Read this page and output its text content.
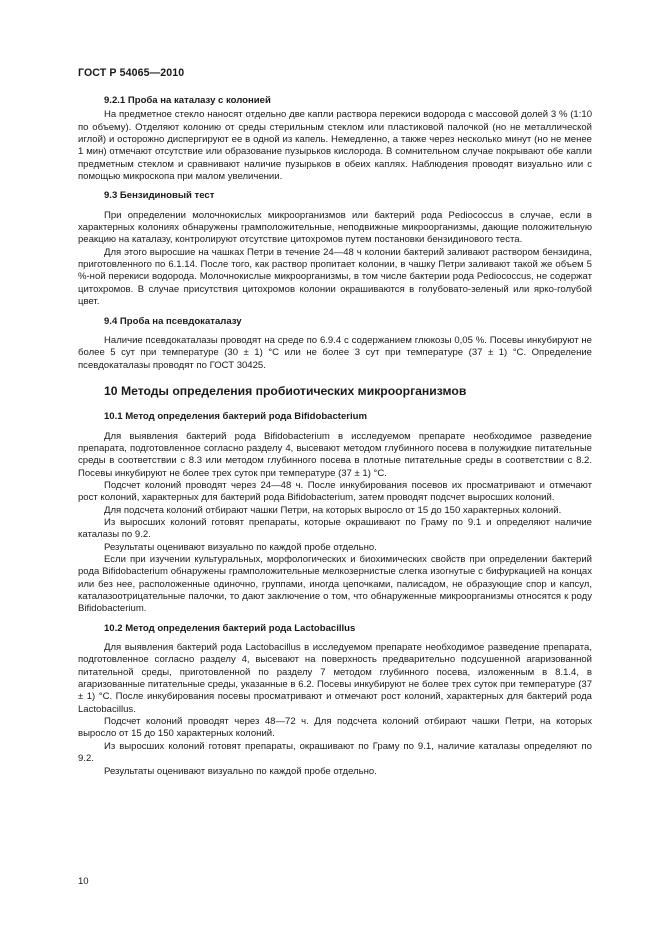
ГОСТ Р 54065—2010
9.2.1 Проба на каталазу с колонией

На предметное стекло наносят отдельно две капли раствора перекиси водорода с массовой долей 3 % (1:10 по объему). Отделяют колонию от среды стерильным стеклом или пластиковой палочкой (но не металлической иглой) и осторожно диспергируют ее в одной из капель. Немедленно, а также через несколько минут (но не менее 1 мин) отмечают отсутствие или образование пузырьков кислорода. В сомнительном случае покрывают обе капли предметным стеклом и сравнивают наличие пузырьков в обеих каплях. Наблюдения проводят визуально или с помощью микроскопа при малом увеличении.

9.3 Бензидиновый тест

При определении молочнокислых микроорганизмов или бактерий рода Pediococcus в случае, если в характерных колониях обнаружены грамположительные, неподвижные микроорганизмы, дающие положительную реакцию на каталазу, контролируют отсутствие цитохромов путем постановки бензидинового теста.

Для этого выросшие на чашках Петри в течение 24—48 ч колонии бактерий заливают раствором бензидина, приготовленного по 6.1.14. После того, как раствор пропитает колонии, в чашку Петри заливают такой же объем 5 %-ной перекиси водорода. Молочнокислые микроорганизмы, в том числе бактерии рода Pediococcus, не содержат цитохромов. В случае присутствия цитохромов колонии окрашиваются в голубовато-зеленый или ярко-голубой цвет.

9.4 Проба на псевдокаталазу

Наличие псевдокаталазы проводят на среде по 6.9.4 с содержанием глюкозы 0,05 %. Посевы инкубируют не более 5 сут при температуре (30 ± 1) °С или не более 3 сут при температуре (37 ± 1) °С. Определение псевдокаталазы проводят по ГОСТ 30425.

10 Методы определения пробиотических микроорганизмов
10.1 Метод определения бактерий рода Bifidobacterium

Для выявления бактерий рода Bifidobacterium в исследуемом препарате необходимое разведение препарата, подготовленное согласно разделу 4, высевают методом глубинного посева в полужидкие питательные среды в соответствии с 8.3 или методом глубинного посева в плотные питательные среды в соответствии с 8.2. Посевы инкубируют не более трех суток при температуре (37 ± 1) °С.

Подсчет колоний проводят через 24—48 ч. После инкубирования посевов их просматривают и отмечают рост колоний, характерных для бактерий рода Bifidobacterium, затем проводят подсчет выросших колоний.

Для подсчета колоний отбирают чашки Петри, на которых выросло от 15 до 150 характерных колоний.

Из выросших колоний готовят препараты, которые окрашивают по Граму по 9.1 и определяют наличие каталазы по 9.2.

Результаты оценивают визуально по каждой пробе отдельно.

Если при изучении культуральных, морфологических и биохимических свойств при определении бактерий рода Bifidobacterium обнаружены грамположительные мелкозернистые слегка изогнутые с бифуркацией на концах или без нее, расположенные одиночно, группами, иногда цепочками, палисадом, не образующие спор и капсул, каталазоотрицательные палочки, то дают заключение о том, что обнаруженные микроорганизмы относятся к роду Bifidobacterium.

10.2 Метод определения бактерий рода Lactobacillus

Для выявления бактерий рода Lactobacillus в исследуемом препарате необходимое разведение препарата, подготовленное согласно разделу 4, высевают на поверхность предварительно подсушенной агаризованной питательной среды, приготовленной по разделу 7 методом глубинного посева, изложенным в 8.1.4, в агаризованные питательные среды, указанные в 6.2. Посевы инкубируют не более трех суток при температуре (37 ± 1) °С. После инкубирования посевы просматривают и отмечают рост колоний, характерных для бактерий рода Lactobacillus.

Подсчет колоний проводят через 48—72 ч. Для подсчета колоний отбирают чашки Петри, на которых выросло от 15 до 150 характерных колоний.

Из выросших колоний готовят препараты, окрашивают по Граму по 9.1, наличие каталазы определяют по 9.2.

Результаты оценивают визуально по каждой пробе отдельно.

10
